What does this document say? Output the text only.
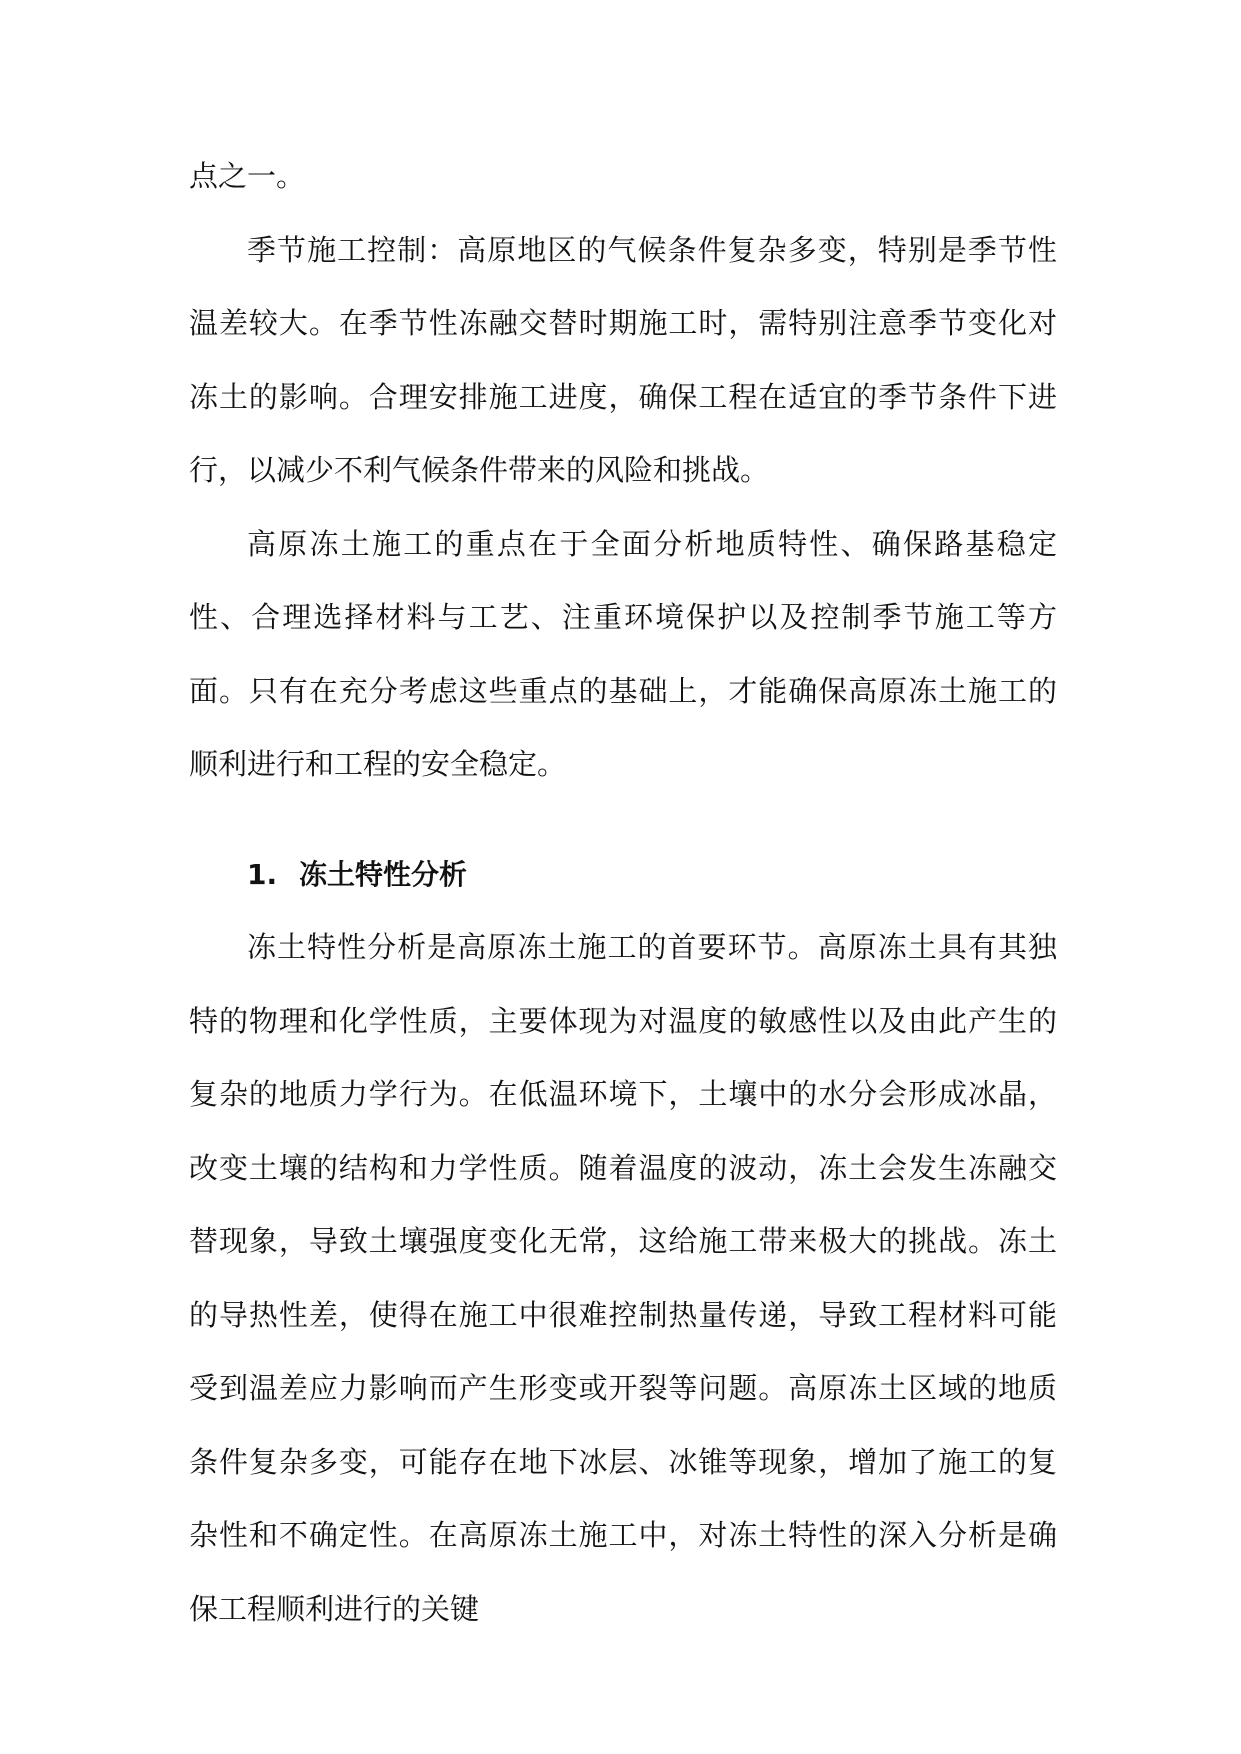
点之一。

季节施工控制：高原地区的气候条件复杂多变，特别是季节性温差较大。在季节性冻融交替时期施工时，需特别注意季节变化对冻土的影响。合理安排施工进度，确保工程在适宜的季节条件下进行，以减少不利气候条件带来的风险和挑战。

高原冻土施工的重点在于全面分析地质特性、确保路基稳定性、合理选择材料与工艺、注重环境保护以及控制季节施工等方面。只有在充分考虑这些重点的基础上，才能确保高原冻土施工的顺利进行和工程的安全稳定。

1. 冻土特性分析

冻土特性分析是高原冻土施工的首要环节。高原冻土具有其独特的物理和化学性质，主要体现为对温度的敏感性以及由此产生的复杂的地质力学行为。在低温环境下，土壤中的水分会形成冰晶，改变土壤的结构和力学性质。随着温度的波动，冻土会发生冻融交替现象，导致土壤强度变化无常，这给施工带来极大的挑战。冻土的导热性差，使得在施工中很难控制热量传递，导致工程材料可能受到温差应力影响而产生形变或开裂等问题。高原冻土区域的地质条件复杂多变，可能存在地下冰层、冰锥等现象，增加了施工的复杂性和不确定性。在高原冻土施工中，对冻土特性的深入分析是确保工程顺利进行的关键
